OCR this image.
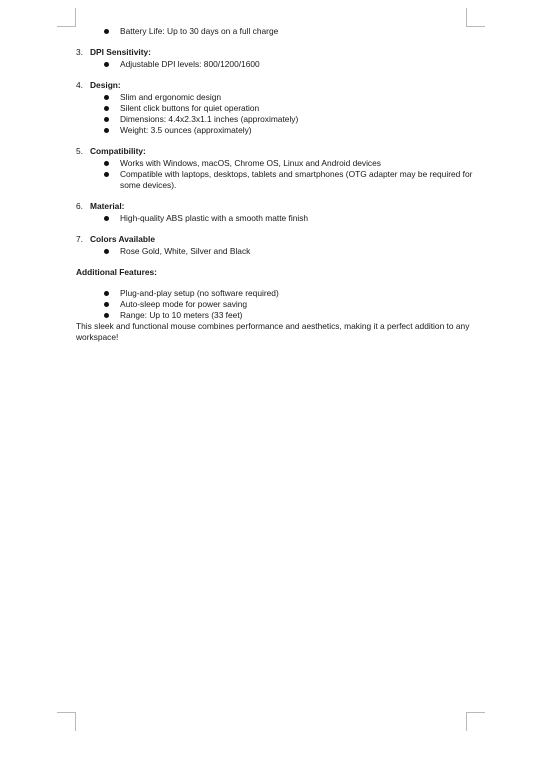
Battery Life: Up to 30 days on a full charge
3. DPI Sensitivity:
Adjustable DPI levels: 800/1200/1600
4. Design:
Slim and ergonomic design
Silent click buttons for quiet operation
Dimensions: 4.4x2.3x1.1 inches (approximately)
Weight: 3.5 ounces (approximately)
5. Compatibility:
Works with Windows, macOS, Chrome OS, Linux and Android devices
Compatible with laptops, desktops, tablets and smartphones (OTG adapter may be required for some devices).
6. Material:
High-quality ABS plastic with a smooth matte finish
7. Colors Available
Rose Gold, White, Silver and Black
Additional Features:
Plug-and-play setup (no software required)
Auto-sleep mode for power saving
Range: Up to 10 meters (33 feet)

This sleek and functional mouse combines performance and aesthetics, making it a perfect addition to any workspace!
